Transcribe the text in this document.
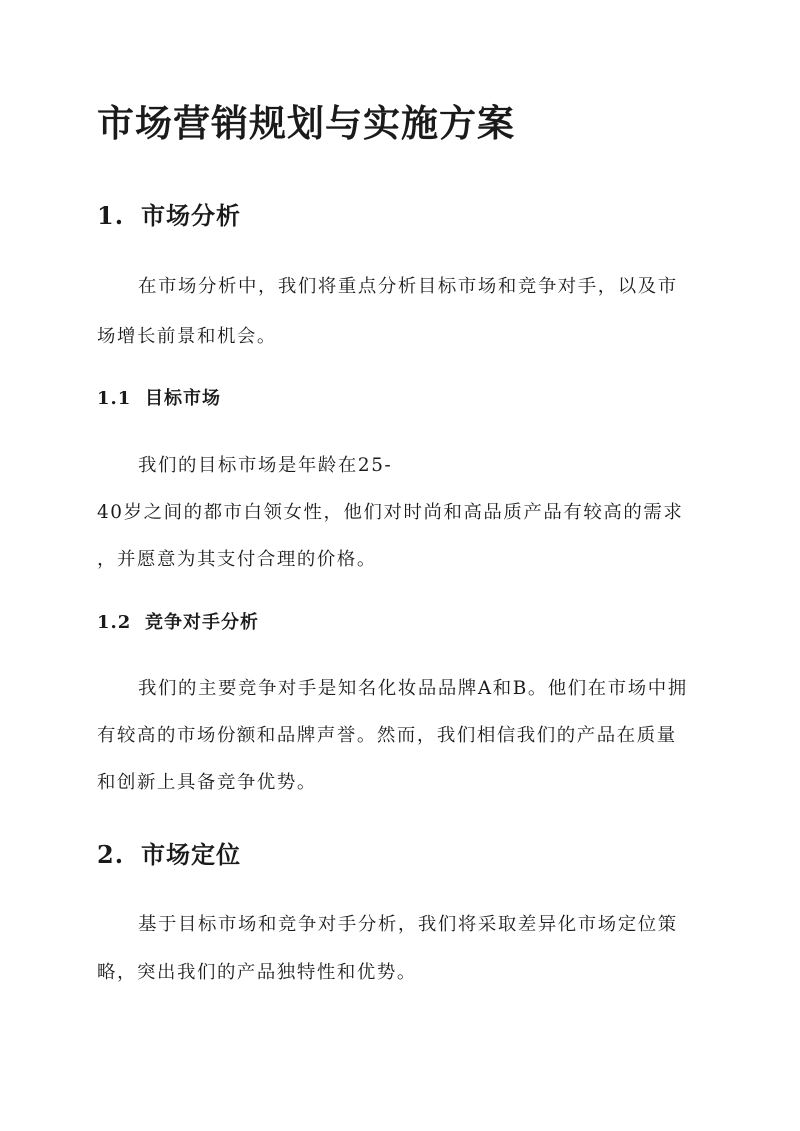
市场营销规划与实施方案
1. 市场分析

在市场分析中，我们将重点分析目标市场和竞争对手，以及市

场增长前景和机会。

1.1 目标市场

我们的目标市场是年龄在25-

40岁之间的都市白领女性，他们对时尚和高品质产品有较高的需求

，并愿意为其支付合理的价格。

1.2 竞争对手分析

我们的主要竞争对手是知名化妆品品牌A和B。他们在市场中拥

有较高的市场份额和品牌声誉。然而，我们相信我们的产品在质量

和创新上具备竞争优势。

2. 市场定位

基于目标市场和竞争对手分析，我们将采取差异化市场定位策

略，突出我们的产品独特性和优势。
